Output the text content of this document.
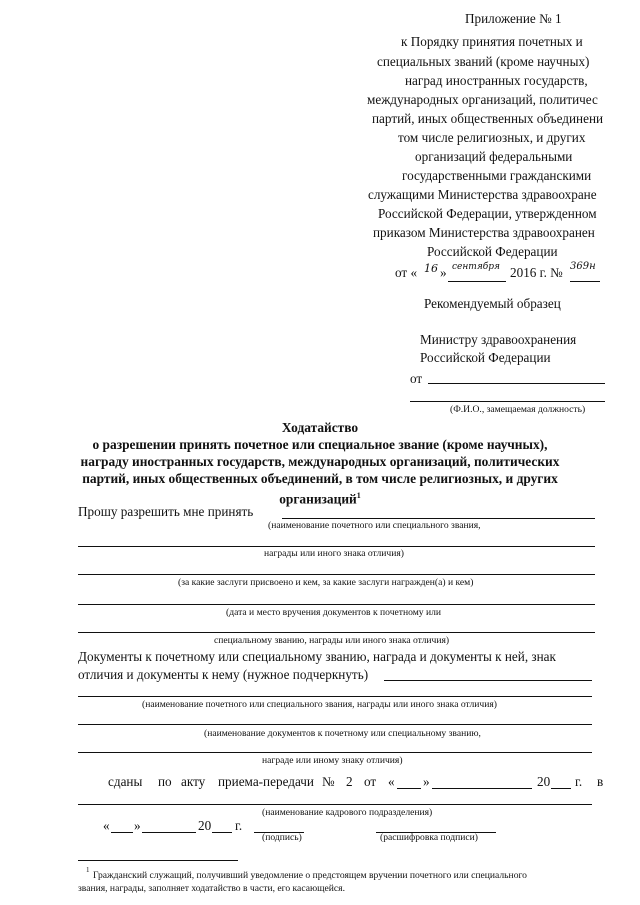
Приложение № 1
к Порядку принятия почетных и
специальных званий (кроме научных)
наград иностранных государств,
международных организаций, политичес
партий, иных общественных объединени
том числе религиозных, и других
организаций федеральными
государственными гражданскими
служащими Министерства здравоохране
Российской Федерации, утвержденном
приказом Министерства здравоохранен
Российской Федерации
от « 16 » сентября 2016 г. № 369н
Рекомендуемый образец
Министру здравоохранения
Российской Федерации
от
(Ф.И.О., замещаемая должность)
Ходатайство
о разрешении принять почетное или специальное звание (кроме научных),
награду иностранных государств, международных организаций, политических
партий, иных общественных объединений, в том числе религиозных, и других
организаций$^1$
Прошу разрешить мне принять
(наименование почетного или специального звания,
награды или иного знака отличия)
(за какие заслуги присвоено и кем, за какие заслуги награжден(а) и кем)
(дата и место вручения документов к почетному или
специальному званию, награды или иного знака отличия)
Документы к почетному или специальному званию, награда и документы к ней, знак
отличия и документы к нему (нужное подчеркнуть)
(наименование почетного или специального звания, награды или иного знака отличия)
(наименование документов к почетному или специальному званию,
награде или иному знаку отличия)
сданы по акту приема-передачи № 2 от « »	20 г. в
(наименование кадрового подразделения)
« »	20 г.
(подпись)	(расшифровка подписи)
1 Гражданский служащий, получивший уведомление о предстоящем вручении почетного или специального
звания, награды, заполняет ходатайство в части, его касающейся.
